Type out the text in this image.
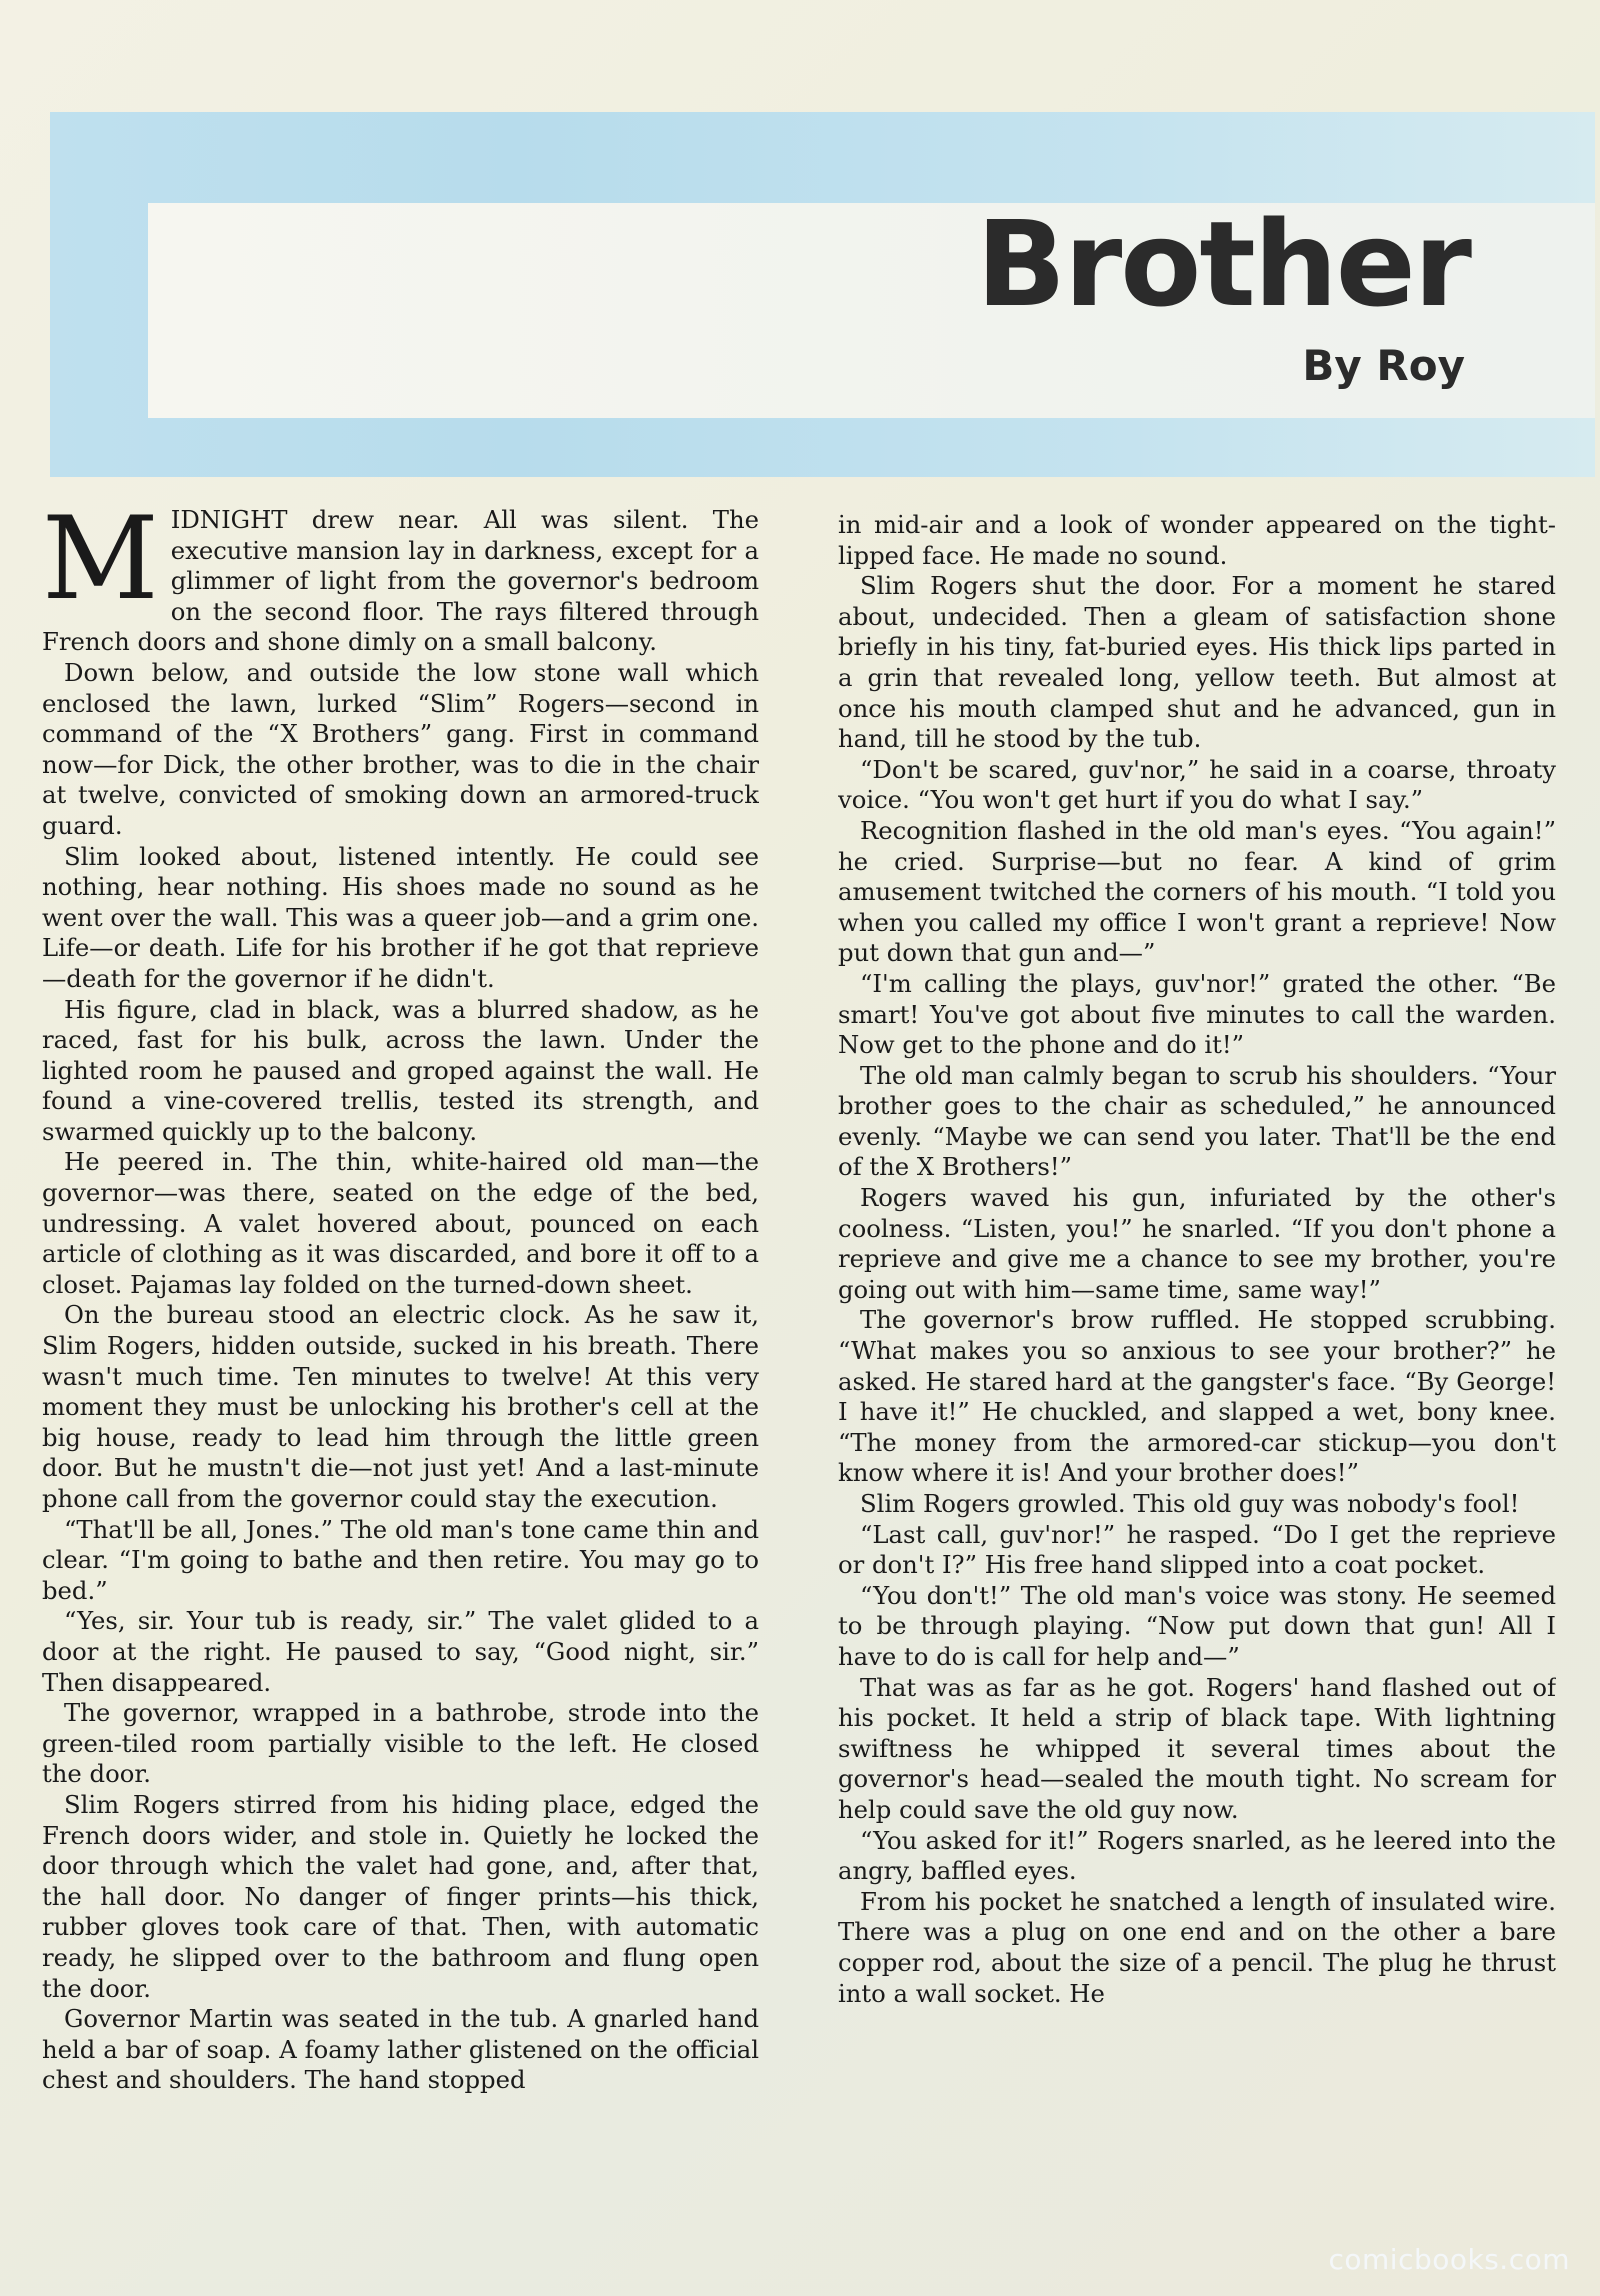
Brother

By Roy

MIDNIGHT drew near. All was silent. The executive mansion lay in darkness, except for a glimmer of light from the governor's bedroom on the second floor. The rays filtered through French doors and shone dimly on a small balcony.

Down below, and outside the low stone wall which enclosed the lawn, lurked “Slim” Rogers—second in command of the “X Brothers” gang. First in command now—for Dick, the other brother, was to die in the chair at twelve, convicted of smoking down an armored-truck guard.

Slim looked about, listened intently. He could see nothing, hear nothing. His shoes made no sound as he went over the wall. This was a queer job—and a grim one. Life—or death. Life for his brother if he got that reprieve—death for the governor if he didn't.

His figure, clad in black, was a blurred shadow, as he raced, fast for his bulk, across the lawn. Under the lighted room he paused and groped against the wall. He found a vine-covered trellis, tested its strength, and swarmed quickly up to the balcony.

He peered in. The thin, white-haired old man—the governor—was there, seated on the edge of the bed, undressing. A valet hovered about, pounced on each article of clothing as it was discarded, and bore it off to a closet. Pajamas lay folded on the turned-down sheet.

On the bureau stood an electric clock. As he saw it, Slim Rogers, hidden outside, sucked in his breath. There wasn't much time. Ten minutes to twelve! At this very moment they must be unlocking his brother's cell at the big house, ready to lead him through the little green door. But he mustn't die—not just yet! And a last-minute phone call from the governor could stay the execution.

“That'll be all, Jones.” The old man's tone came thin and clear. “I'm going to bathe and then retire. You may go to bed.”

“Yes, sir. Your tub is ready, sir.” The valet glided to a door at the right. He paused to say, “Good night, sir.” Then disappeared.

The governor, wrapped in a bathrobe, strode into the green-tiled room partially visible to the left. He closed the door.

Slim Rogers stirred from his hiding place, edged the French doors wider, and stole in. Quietly he locked the door through which the valet had gone, and, after that, the hall door. No danger of finger prints—his thick, rubber gloves took care of that. Then, with automatic ready, he slipped over to the bathroom and flung open the door.

Governor Martin was seated in the tub. A gnarled hand held a bar of soap. A foamy lather glistened on the official chest and shoulders. The hand stopped

in mid-air and a look of wonder appeared on the tight-lipped face. He made no sound.

Slim Rogers shut the door. For a moment he stared about, undecided. Then a gleam of satisfaction shone briefly in his tiny, fat-buried eyes. His thick lips parted in a grin that revealed long, yellow teeth. But almost at once his mouth clamped shut and he advanced, gun in hand, till he stood by the tub.

“Don't be scared, guv'nor,” he said in a coarse, throaty voice. “You won't get hurt if you do what I say.”

Recognition flashed in the old man's eyes. “You again!” he cried. Surprise—but no fear. A kind of grim amusement twitched the corners of his mouth. “I told you when you called my office I won't grant a reprieve! Now put down that gun and—”

“I'm calling the plays, guv'nor!” grated the other. “Be smart! You've got about five minutes to call the warden. Now get to the phone and do it!”

The old man calmly began to scrub his shoulders. “Your brother goes to the chair as scheduled,” he announced evenly. “Maybe we can send you later. That'll be the end of the X Brothers!”

Rogers waved his gun, infuriated by the other's coolness. “Listen, you!” he snarled. “If you don't phone a reprieve and give me a chance to see my brother, you're going out with him—same time, same way!”

The governor's brow ruffled. He stopped scrubbing. “What makes you so anxious to see your brother?” he asked. He stared hard at the gangster's face. “By George! I have it!” He chuckled, and slapped a wet, bony knee. “The money from the armored-car stickup—you don't know where it is! And your brother does!”

Slim Rogers growled. This old guy was nobody's fool!

“Last call, guv'nor!” he rasped. “Do I get the reprieve or don't I?” His free hand slipped into a coat pocket.

“You don't!” The old man's voice was stony. He seemed to be through playing. “Now put down that gun! All I have to do is call for help and—”

That was as far as he got. Rogers' hand flashed out of his pocket. It held a strip of black tape. With lightning swiftness he whipped it several times about the governor's head—sealed the mouth tight. No scream for help could save the old guy now.

“You asked for it!” Rogers snarled, as he leered into the angry, baffled eyes.

From his pocket he snatched a length of insulated wire. There was a plug on one end and on the other a bare copper rod, about the size of a pencil. The plug he thrust into a wall socket. He

comicbooks.com
